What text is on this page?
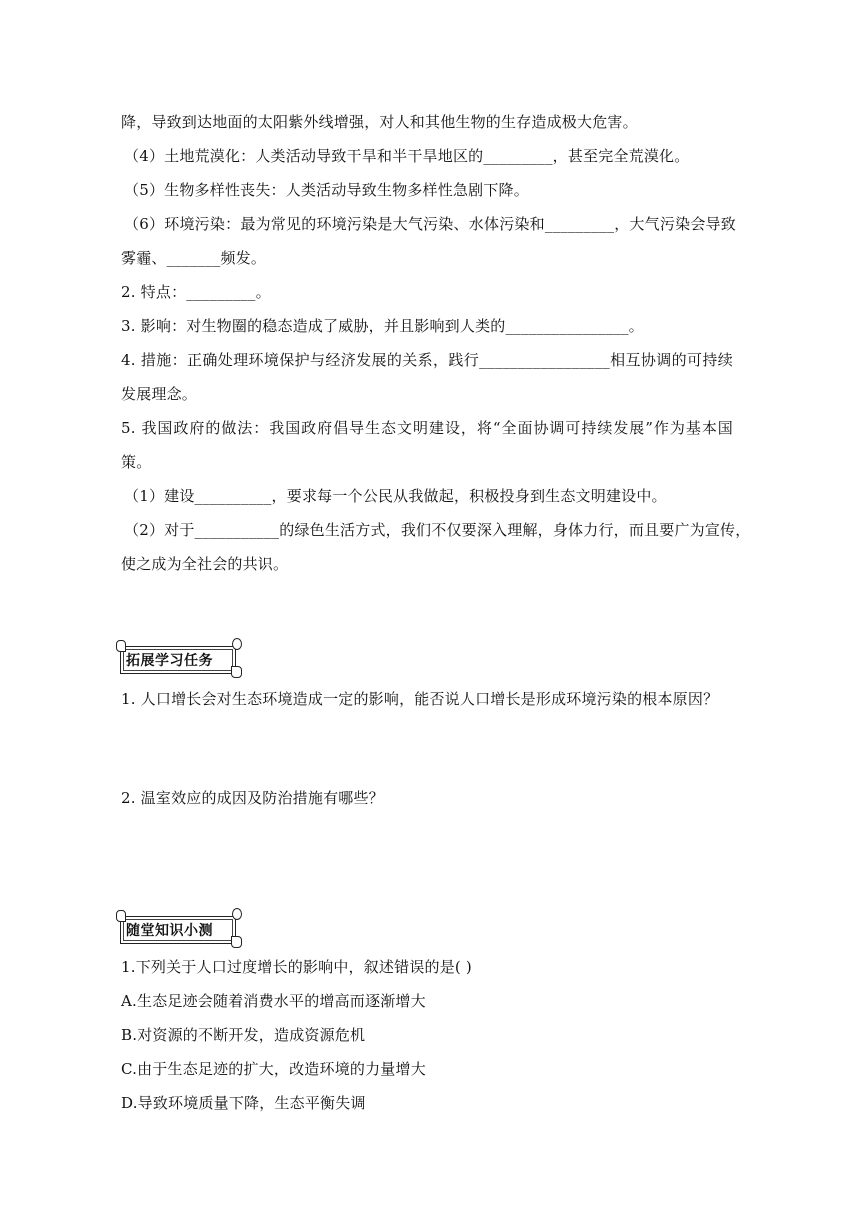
降，导致到达地面的太阳紫外线增强，对人和其他生物的生存造成极大危害。
（4）土地荒漠化：人类活动导致干旱和半干旱地区的_________，甚至完全荒漠化。
（5）生物多样性丧失：人类活动导致生物多样性急剧下降。
（6）环境污染：最为常见的环境污染是大气污染、水体污染和_________，大气污染会导致
雾霾、_______频发。
2. 特点：_________。
3. 影响：对生物圈的稳态造成了威胁，并且影响到人类的________________。
4. 措施：正确处理环境保护与经济发展的关系，践行_________________相互协调的可持续
发展理念。
5. 我国政府的做法：我国政府倡导生态文明建设，将“全面协调可持续发展”作为基本国
策。
（1）建设__________，要求每一个公民从我做起，积极投身到生态文明建设中。
（2）对于___________的绿色生活方式，我们不仅要深入理解，身体力行，而且要广为宣传，
使之成为全社会的共识。
拓展学习任务
1. 人口增长会对生态环境造成一定的影响，能否说人口增长是形成环境污染的根本原因？
2. 温室效应的成因及防治措施有哪些？
随堂知识小测
1.下列关于人口过度增长的影响中，叙述错误的是( )
A.生态足迹会随着消费水平的增高而逐渐增大
B.对资源的不断开发，造成资源危机
C.由于生态足迹的扩大，改造环境的力量增大
D.导致环境质量下降，生态平衡失调
